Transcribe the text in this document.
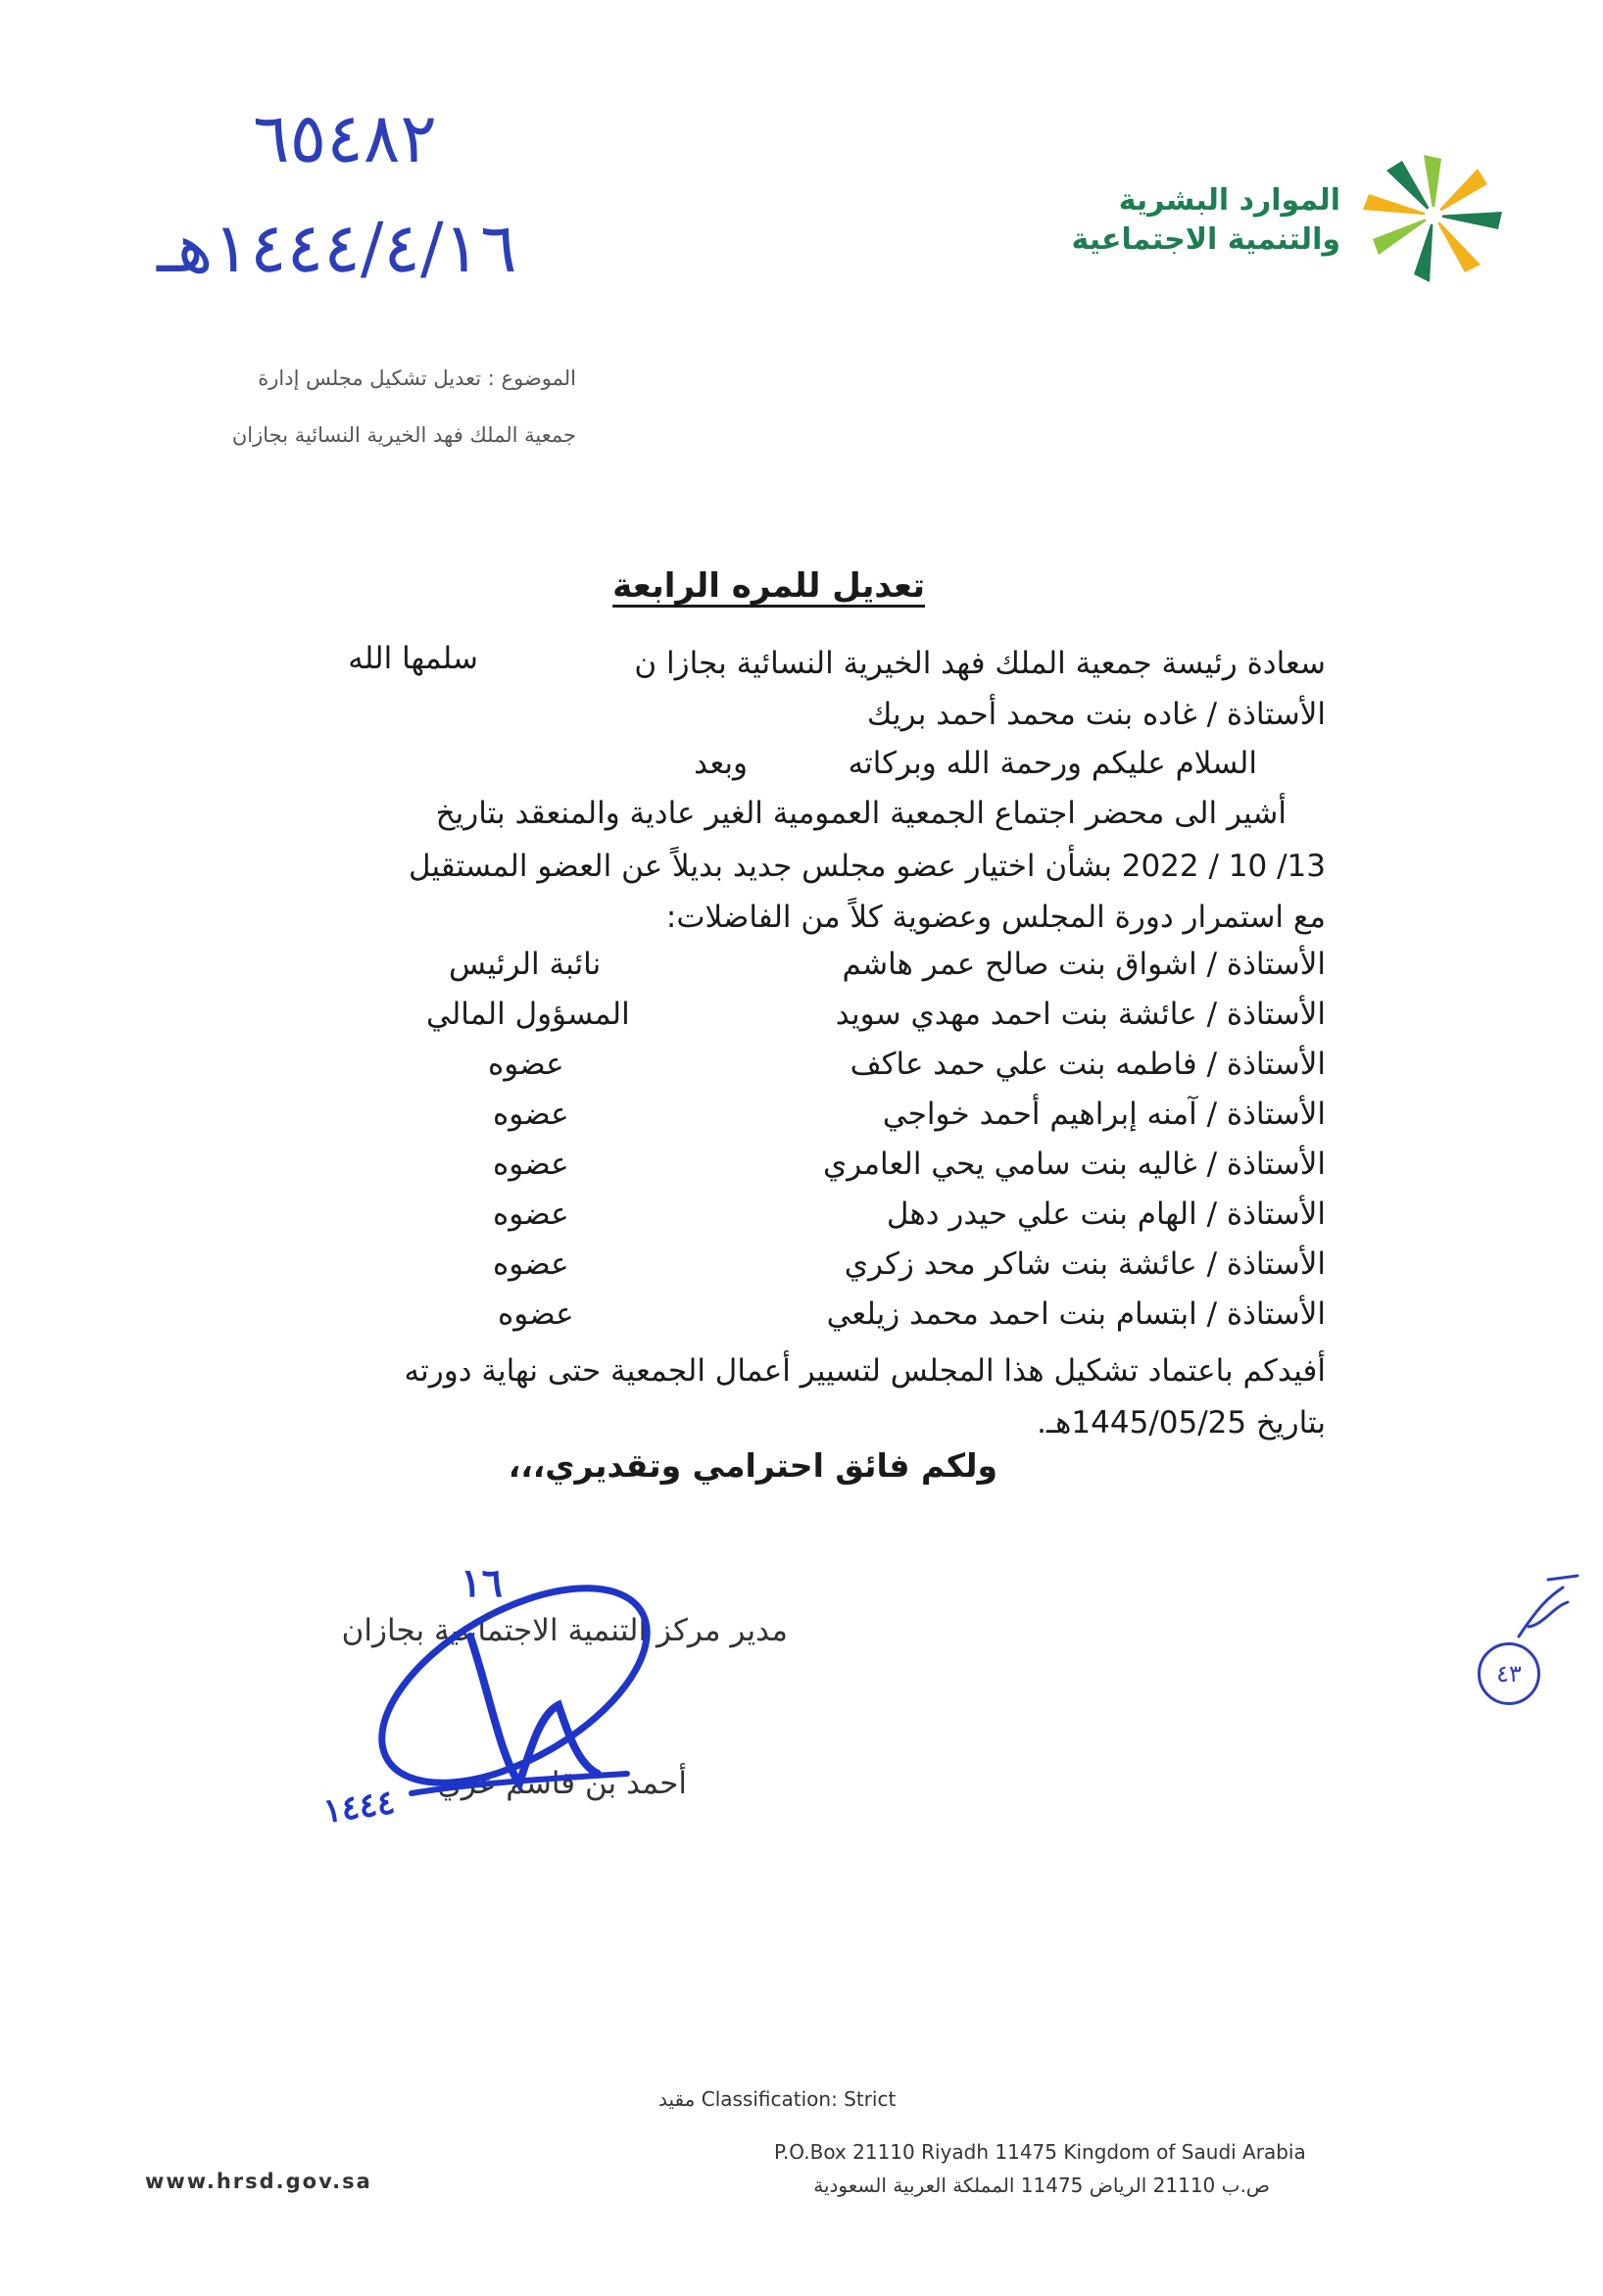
٦٥٤٨٢
١٤٤٤/٤/١٦هـ
الموارد البشرية
والتنمية الاجتماعية
الموضوع : تعديل تشكيل مجلس إدارة
جمعية الملك فهد الخيرية النسائية بجازان
تعديل للمره الرابعة
سعادة رئيسة جمعية الملك فهد الخيرية النسائية بجازا ن
سلمها الله
الأستاذة / غاده بنت محمد أحمد بريك
السلام عليكم ورحمة الله وبركاته
وبعد
أشير الى محضر اجتماع الجمعية العمومية الغير عادية والمنعقد بتاريخ
13/ 10 / 2022 بشأن اختيار عضو مجلس جديد بديلاً عن العضو المستقيل
مع استمرار دورة المجلس وعضوية كلاً من الفاضلات:
الأستاذة / اشواق بنت صالح عمر هاشم
نائبة الرئيس
الأستاذة / عائشة بنت احمد مهدي سويد
المسؤول المالي
الأستاذة / فاطمه بنت علي حمد عاكف
عضوه
الأستاذة / آمنه إبراهيم أحمد خواجي
عضوه
الأستاذة / غاليه بنت سامي يحي العامري
عضوه
الأستاذة / الهام بنت علي حيدر دهل
عضوه
الأستاذة / عائشة بنت شاكر محد زكري
عضوه
الأستاذة / ابتسام بنت احمد محمد زيلعي
عضوه
أفيدكم باعتماد تشكيل هذا المجلس لتسيير أعمال الجمعية حتى نهاية دورته
بتاريخ 1445/05/25هـ.
ولكم فائق احترامي وتقديري،،،
مدير مركز التنمية الاجتماعية بجازان
أحمد بن قاسم عزي
١٦
١٤٤٤
٤٣
مقيد Classification: Strict
P.O.Box 21110 Riyadh 11475 Kingdom of Saudi Arabia
ص.ب 21110 الرياض 11475 المملكة العربية السعودية
www.hrsd.gov.sa
